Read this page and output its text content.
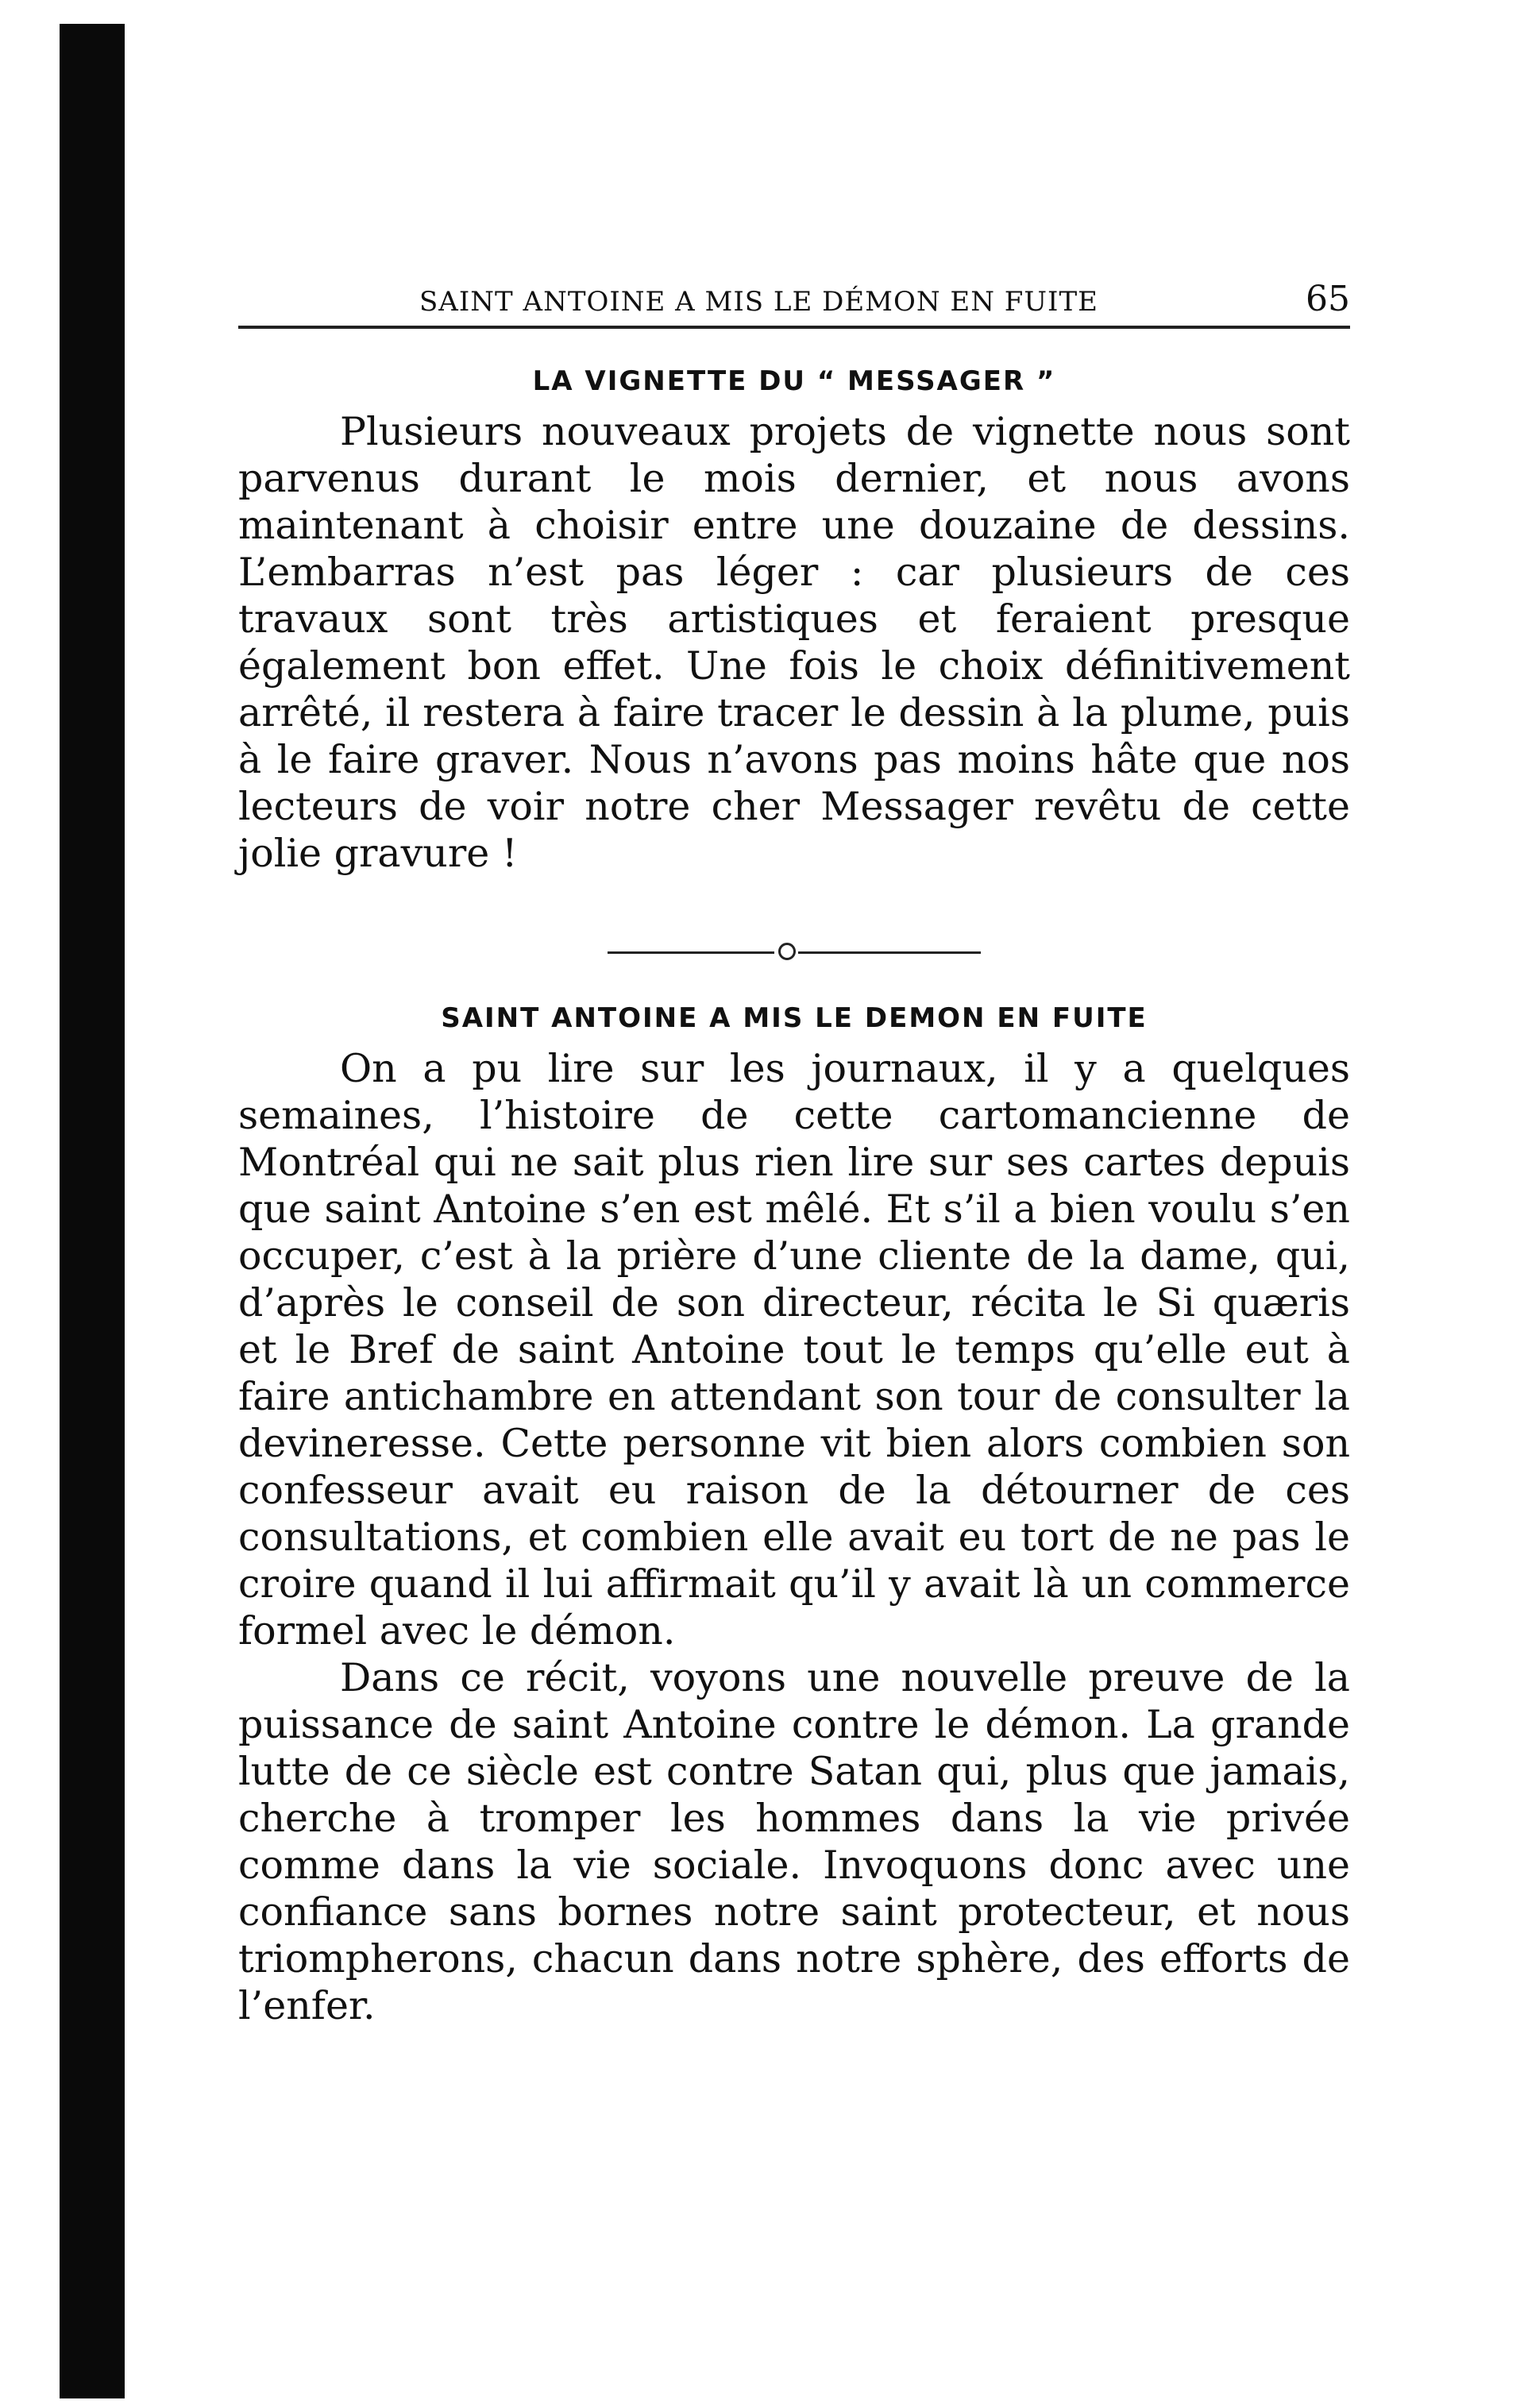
SAINT ANTOINE A MIS LE DÉMON EN FUITE	65
LA VIGNETTE DU “ MESSAGER ”

Plusieurs nouveaux projets de vignette nous sont parvenus durant le mois dernier, et nous avons maintenant à choisir entre une douzaine de dessins. L’embarras n’est pas léger : car plusieurs de ces travaux sont très artistiques et feraient presque également bon effet. Une fois le choix définitivement arrêté, il restera à faire tracer le dessin à la plume, puis à le faire graver. Nous n’avons pas moins hâte que nos lecteurs de voir notre cher Messager revêtu de cette jolie gravure !

SAINT ANTOINE A MIS LE DEMON EN FUITE

On a pu lire sur les journaux, il y a quelques semaines, l’histoire de cette cartomancienne de Montréal qui ne sait plus rien lire sur ses cartes depuis que saint Antoine s’en est mêlé. Et s’il a bien voulu s’en occuper, c’est à la prière d’une cliente de la dame, qui, d’après le conseil de son directeur, récita le Si quæris et le Bref de saint Antoine tout le temps qu’elle eut à faire antichambre en attendant son tour de consulter la devineresse. Cette personne vit bien alors combien son confesseur avait eu raison de la détourner de ces consultations, et combien elle avait eu tort de ne pas le croire quand il lui affirmait qu’il y avait là un commerce formel avec le démon.

Dans ce récit, voyons une nouvelle preuve de la puissance de saint Antoine contre le démon. La grande lutte de ce siècle est contre Satan qui, plus que jamais, cherche à tromper les hommes dans la vie privée comme dans la vie sociale. Invoquons donc avec une confiance sans bornes notre saint protecteur, et nous triompherons, chacun dans notre sphère, des efforts de l’enfer.
